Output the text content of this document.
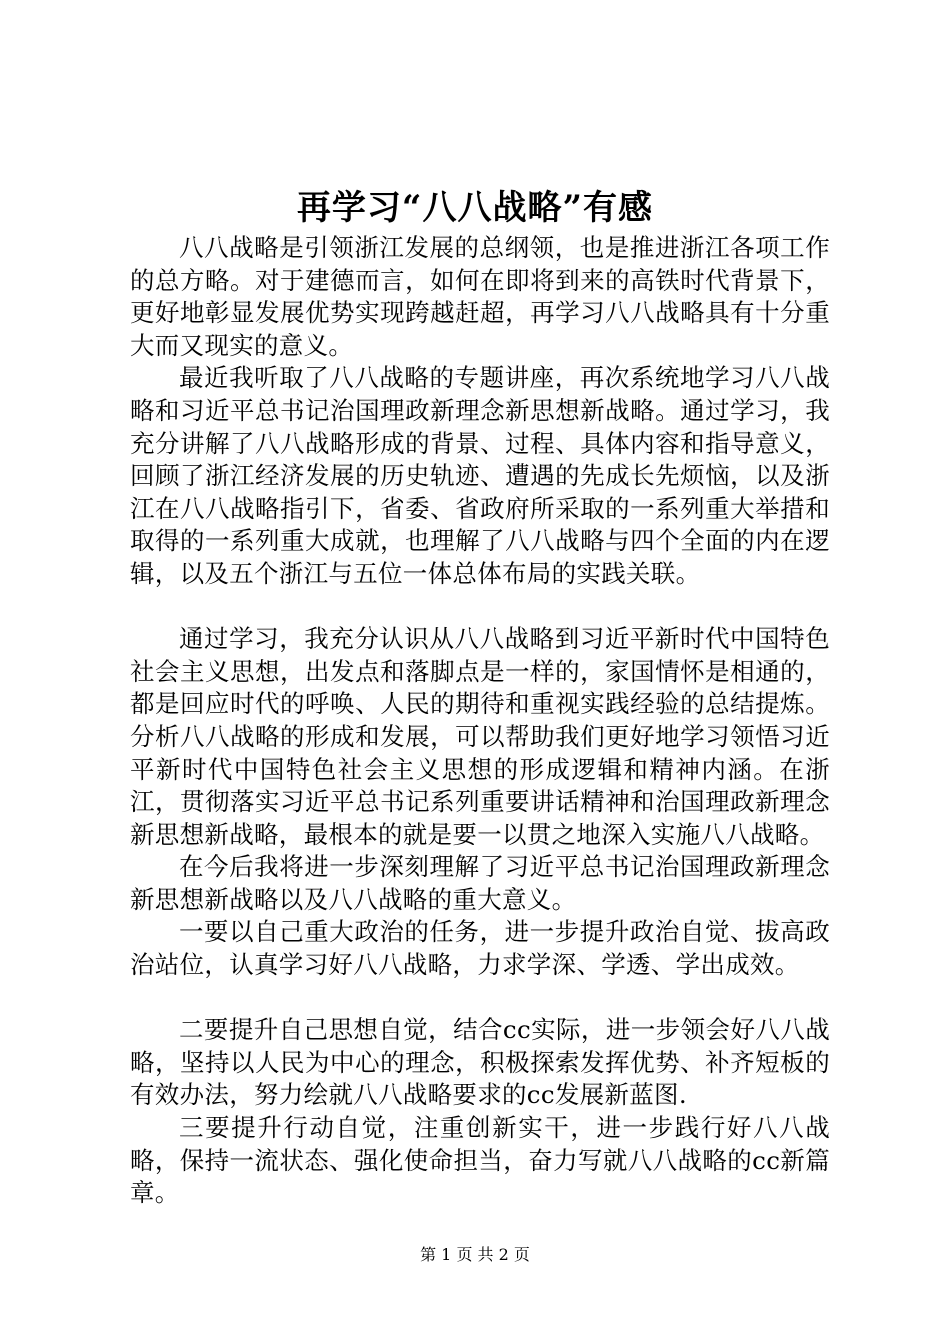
再学习“八八战略”有感

八八战略是引领浙江发展的总纲领，也是推进浙江各项工作的总方略。对于建德而言，如何在即将到来的高铁时代背景下，更好地彰显发展优势实现跨越赶超，再学习八八战略具有十分重大而又现实的意义。

最近我听取了八八战略的专题讲座，再次系统地学习八八战略和习近平总书记治国理政新理念新思想新战略。通过学习，我充分讲解了八八战略形成的背景、过程、具体内容和指导意义，回顾了浙江经济发展的历史轨迹、遭遇的先成长先烦恼，以及浙江在八八战略指引下，省委、省政府所采取的一系列重大举措和取得的一系列重大成就，也理解了八八战略与四个全面的内在逻辑，以及五个浙江与五位一体总体布局的实践关联。

通过学习，我充分认识从八八战略到习近平新时代中国特色社会主义思想，出发点和落脚点是一样的，家国情怀是相通的，都是回应时代的呼唤、人民的期待和重视实践经验的总结提炼。分析八八战略的形成和发展，可以帮助我们更好地学习领悟习近平新时代中国特色社会主义思想的形成逻辑和精神内涵。在浙江，贯彻落实习近平总书记系列重要讲话精神和治国理政新理念新思想新战略，最根本的就是要一以贯之地深入实施八八战略。

在今后我将进一步深刻理解了习近平总书记治国理政新理念新思想新战略以及八八战略的重大意义。

一要以自己重大政治的任务，进一步提升政治自觉、拔高政治站位，认真学习好八八战略，力求学深、学透、学出成效。

二要提升自己思想自觉，结合cc实际，进一步领会好八八战略，坚持以人民为中心的理念，积极探索发挥优势、补齐短板的有效办法，努力绘就八八战略要求的cc发展新蓝图.

三要提升行动自觉，注重创新实干，进一步践行好八八战略，保持一流状态、强化使命担当，奋力写就八八战略的cc新篇章。

第 1 页 共 2 页
